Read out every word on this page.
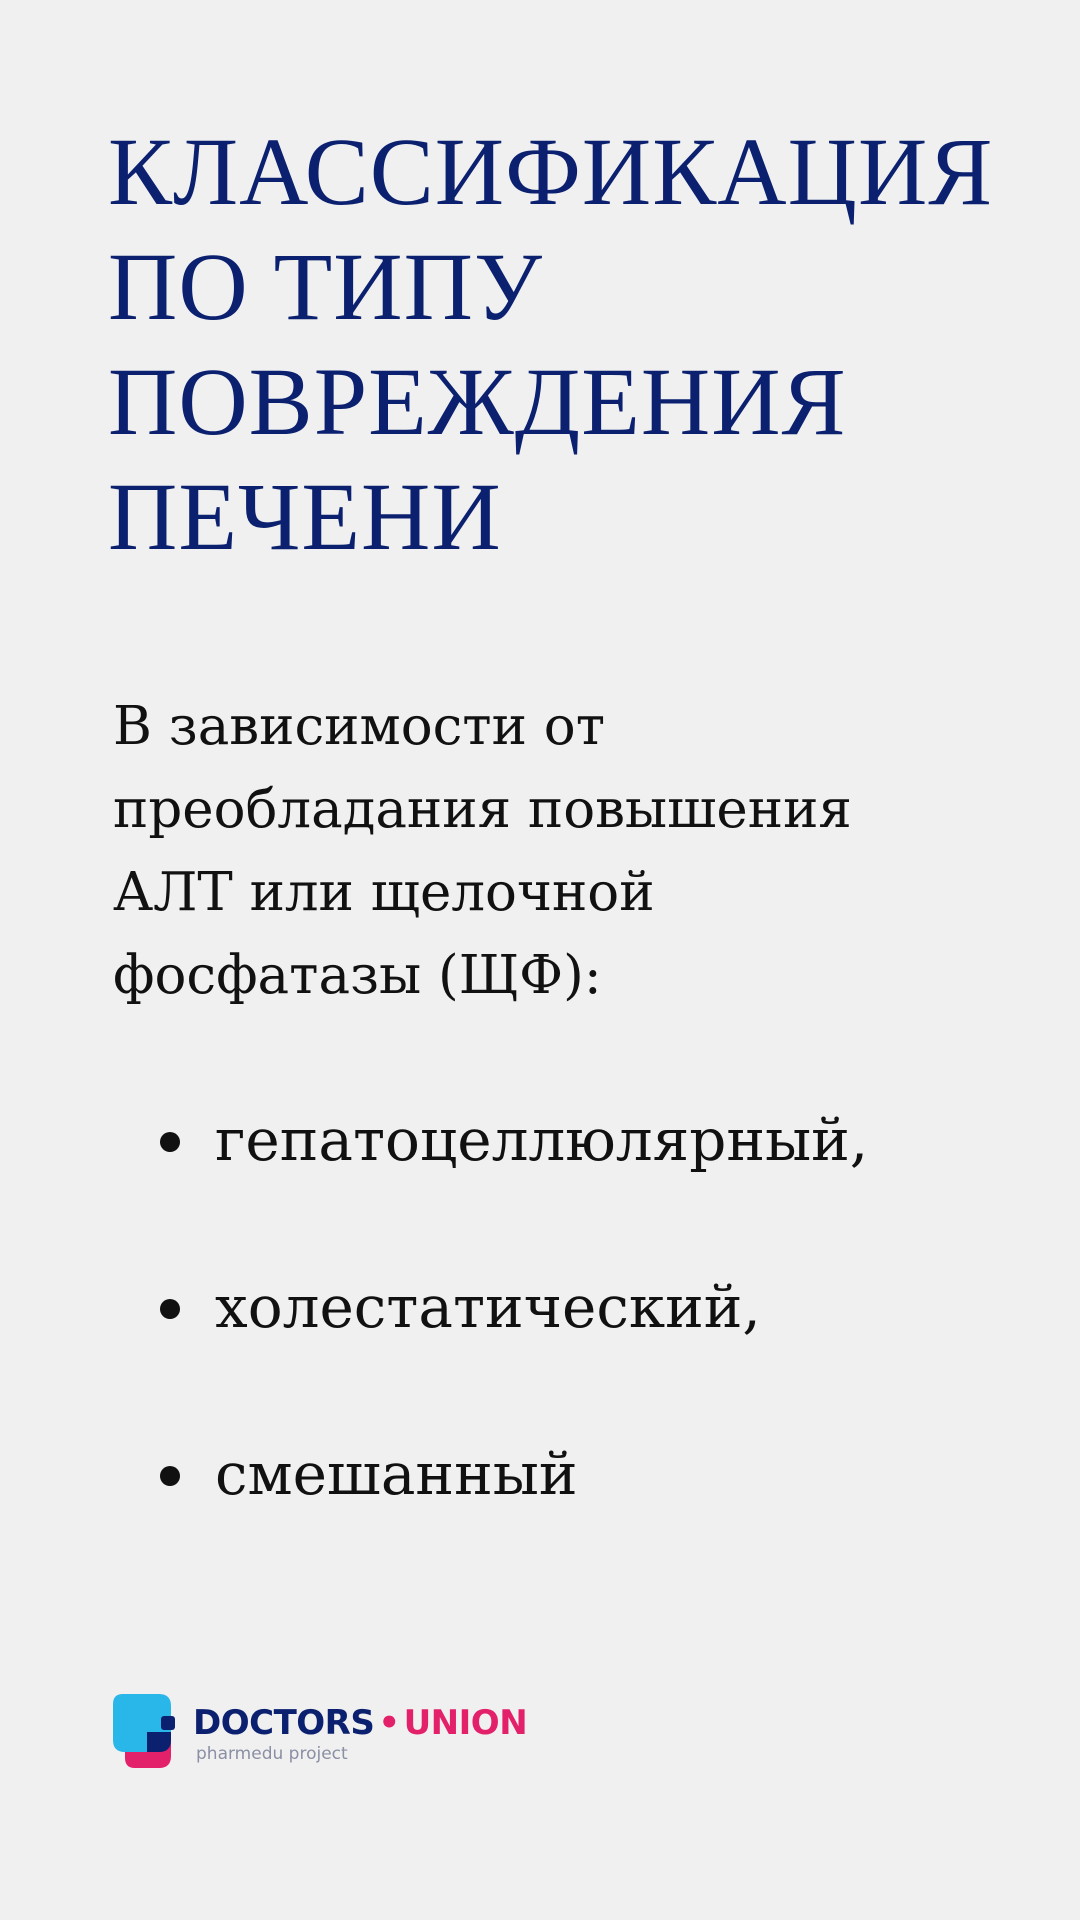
КЛАССИФИКАЦИЯ
ПО ТИПУ
ПОВРЕЖДЕНИЯ
ПЕЧЕНИ

В зависимости от
преобладания повышения
АЛТ или щелочной
фосфатазы (ЩФ):

гепатоцеллюлярный,
холестатический,
смешанный
DOCTORS • UNION
pharmedu project
